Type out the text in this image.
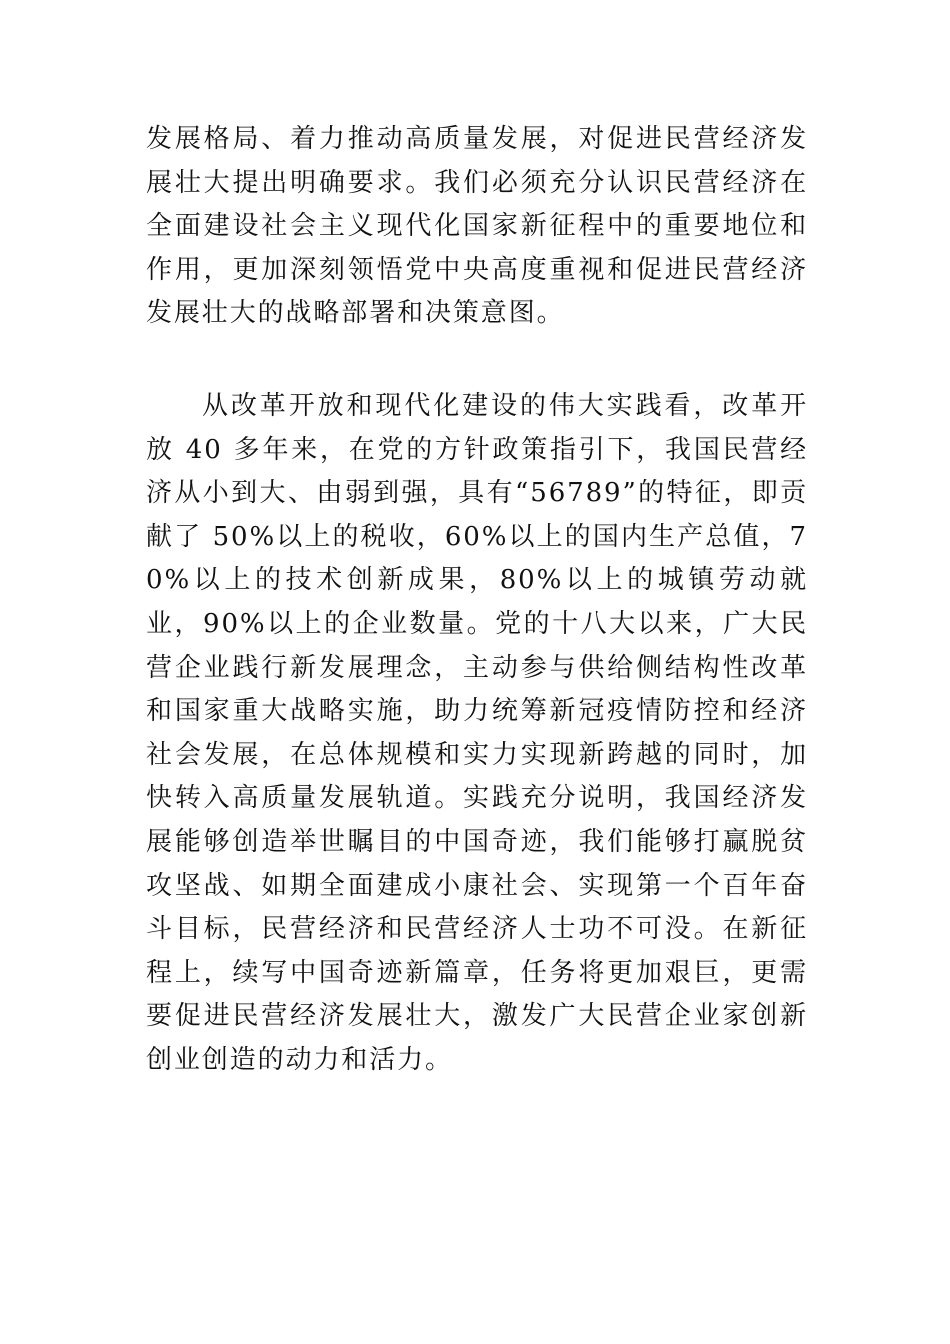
发展格局、着力推动高质量发展，对促进民营经济发展壮大提出明确要求。我们必须充分认识民营经济在全面建设社会主义现代化国家新征程中的重要地位和作用，更加深刻领悟党中央高度重视和促进民营经济发展壮大的战略部署和决策意图。

从改革开放和现代化建设的伟大实践看，改革开放 40 多年来，在党的方针政策指引下，我国民营经济从小到大、由弱到强，具有“56789”的特征，即贡献了 50%以上的税收，60%以上的国内生产总值，70%以上的技术创新成果，80%以上的城镇劳动就业，90%以上的企业数量。党的十八大以来，广大民营企业践行新发展理念，主动参与供给侧结构性改革和国家重大战略实施，助力统筹新冠疫情防控和经济社会发展，在总体规模和实力实现新跨越的同时，加快转入高质量发展轨道。实践充分说明，我国经济发展能够创造举世瞩目的中国奇迹，我们能够打赢脱贫攻坚战、如期全面建成小康社会、实现第一个百年奋斗目标，民营经济和民营经济人士功不可没。在新征程上，续写中国奇迹新篇章，任务将更加艰巨，更需要促进民营经济发展壮大，激发广大民营企业家创新创业创造的动力和活力。
